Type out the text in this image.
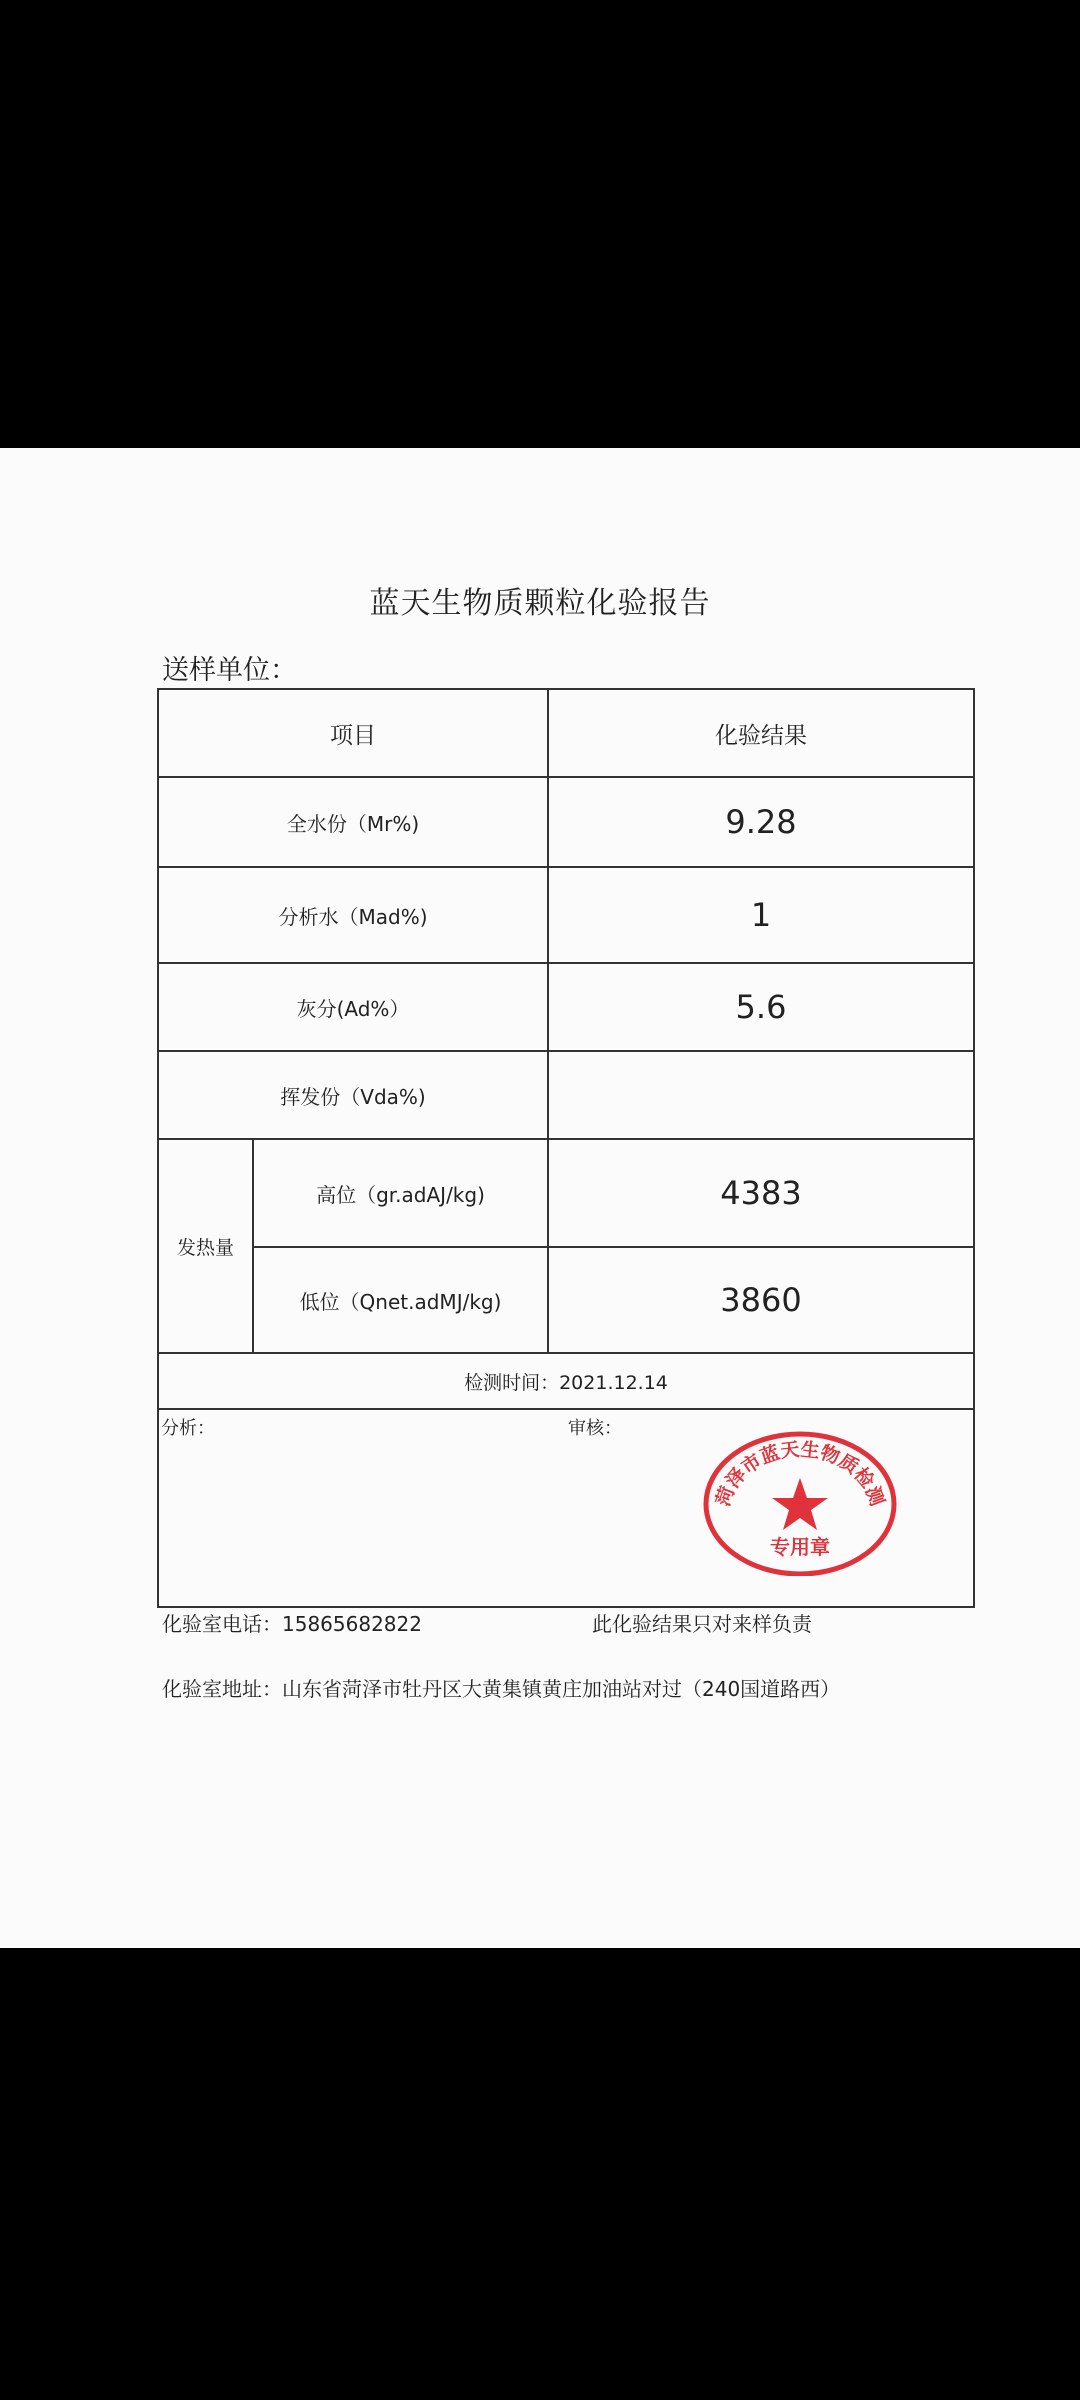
蓝天生物质颗粒化验报告
送样单位：
项目		化验结果
全水份（Mr%)		9.28
分析水（Mad%)		1
灰分(Ad%）		5.6
挥发份（Vda%)		
发热量	高位（gr.adAJ/kg)	4383
	低位（Qnet.adMJ/kg)	3860
检测时间：2021.12.14		

分析：		审核：
菏泽市蓝天生物质检测
专用章
化验室电话：15865682822	此化验结果只对来样负责
化验室地址：山东省菏泽市牡丹区大黄集镇黄庄加油站对过（240国道路西）
